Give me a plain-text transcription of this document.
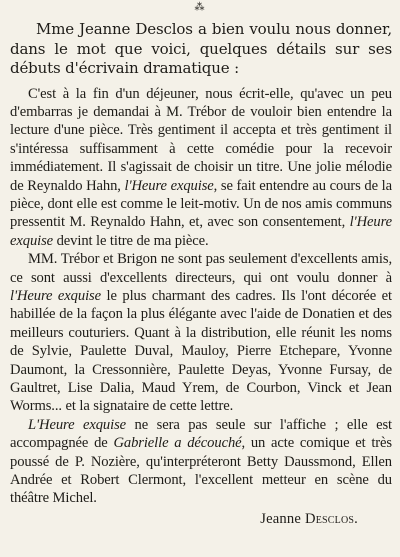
⁂

Mme Jeanne Desclos a bien voulu nous donner, dans le mot que voici, quelques détails sur ses débuts d'écrivain dramatique :

C'est à la fin d'un déjeuner, nous écrit-elle, qu'avec un peu d'embarras je demandai à M. Trébor de vouloir bien entendre la lecture d'une pièce. Très gentiment il accepta et très gentiment il s'intéressa suffisamment à cette comédie pour la recevoir immédiatement. Il s'agissait de choisir un titre. Une jolie mélodie de Reynaldo Hahn, l'Heure exquise, se fait entendre au cours de la pièce, dont elle est comme le leit-motiv. Un de nos amis communs pressentit M. Reynaldo Hahn, et, avec son consentement, l'Heure exquise devint le titre de ma pièce.

MM. Trébor et Brigon ne sont pas seulement d'excellents amis, ce sont aussi d'excellents directeurs, qui ont voulu donner à l'Heure exquise le plus charmant des cadres. Ils l'ont décorée et habillée de la façon la plus élégante avec l'aide de Donatien et des meilleurs couturiers. Quant à la distribution, elle réunit les noms de Sylvie, Paulette Duval, Mauloy, Pierre Etchepare, Yvonne Daumont, la Cressonnière, Paulette Deyas, Yvonne Fursay, de Gaultret, Lise Dalia, Maud Yrem, de Courbon, Vinck et Jean Worms... et la signataire de cette lettre.

L'Heure exquise ne sera pas seule sur l'affiche ; elle est accompagnée de Gabrielle a découché, un acte comique et très poussé de P. Nozière, qu'interpréteront Betty Daussmond, Ellen Andrée et Robert Clermont, l'excellent metteur en scène du théâtre Michel.

Jeanne Desclos.
